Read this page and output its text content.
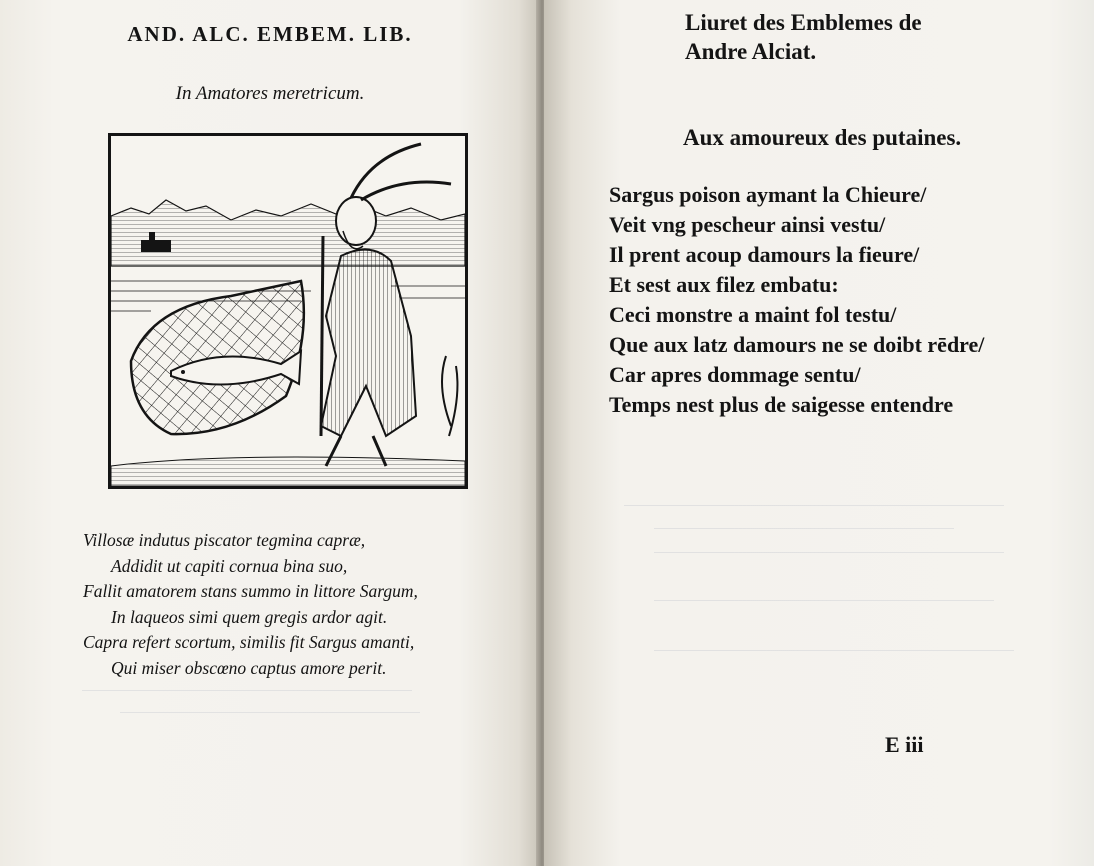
AND. ALC. EMBEM. LIB.
In Amatores meretricum.
Villosæ indutus piscator tegmina capræ,
Addidit ut capiti cornua bina suo,
Fallit amatorem stans summo in littore Sargum,
In laqueos simi quem gregis ardor agit.
Capra refert scortum, similis fit Sargus amanti,
Qui miser obscœno captus amore perit.
Liuret des Emblemes de
Andre Alciat.
Aux amoureux des putaines.
Sargus poison aymant la Chieure/
Veit vng pescheur ainsi vestu/
Il prent acoup damours la fieure/
Et sest aux filez embatu:
Ceci monstre a maint fol testu/
Que aux latz damours ne se doibt rēdre/
Car apres dommage sentu/
Temps nest plus de saigesse entendre
E iii
